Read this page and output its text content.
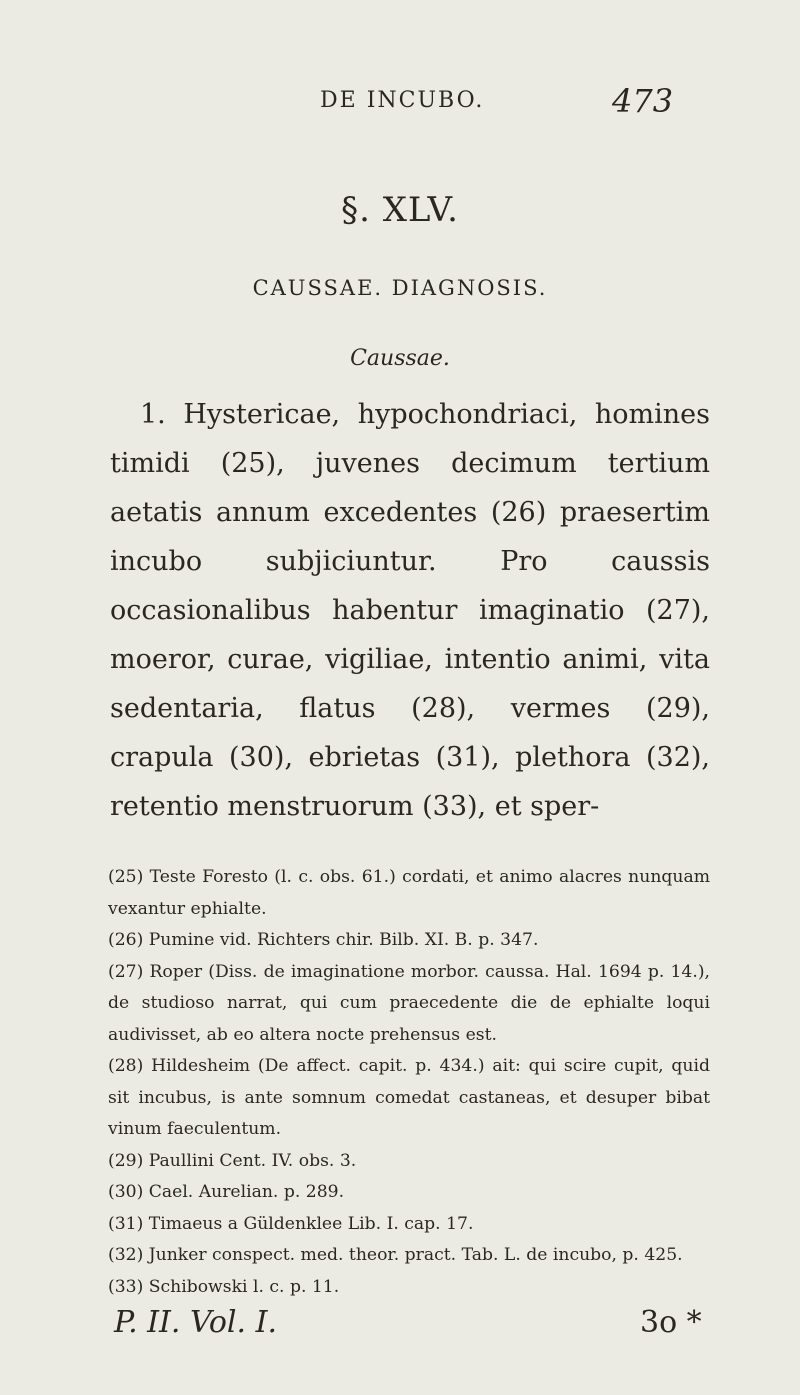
DE INCUBO.	473
§. XLV.
CAUSSAE. DIAGNOSIS.
Caussae.

1. Hystericae, hypochondriaci, homines timidi (25), juvenes decimum tertium aetatis annum excedentes (26) praesertim incubo subjiciuntur. Pro caussis occasionalibus habentur imaginatio (27), moeror, curae, vigiliae, intentio animi, vita sedentaria, flatus (28), vermes (29), crapula (30), ebrietas (31), plethora (32), retentio menstruorum (33), et sper-

(25) Teste Foresto (l. c. obs. 61.) cordati, et animo alacres nunquam vexantur ephialte.
(26) Pumine vid. Richters chir. Bilb. XI. B. p. 347.
(27) Roper (Diss. de imaginatione morbor. caussa. Hal. 1694 p. 14.), de studioso narrat, qui cum praecedente die de ephialte loqui audivisset, ab eo altera nocte prehensus est.
(28) Hildesheim (De affect. capit. p. 434.) ait: qui scire cupit, quid sit incubus, is ante somnum comedat castaneas, et desuper bibat vinum faeculentum.
(29) Paullini Cent. IV. obs. 3.
(30) Cael. Aurelian. p. 289.
(31) Timaeus a Güldenklee Lib. I. cap. 17.
(32) Junker conspect. med. theor. pract. Tab. L. de incubo, p. 425.
(33) Schibowski l. c. p. 11.
P. II. Vol. I.	3o *
